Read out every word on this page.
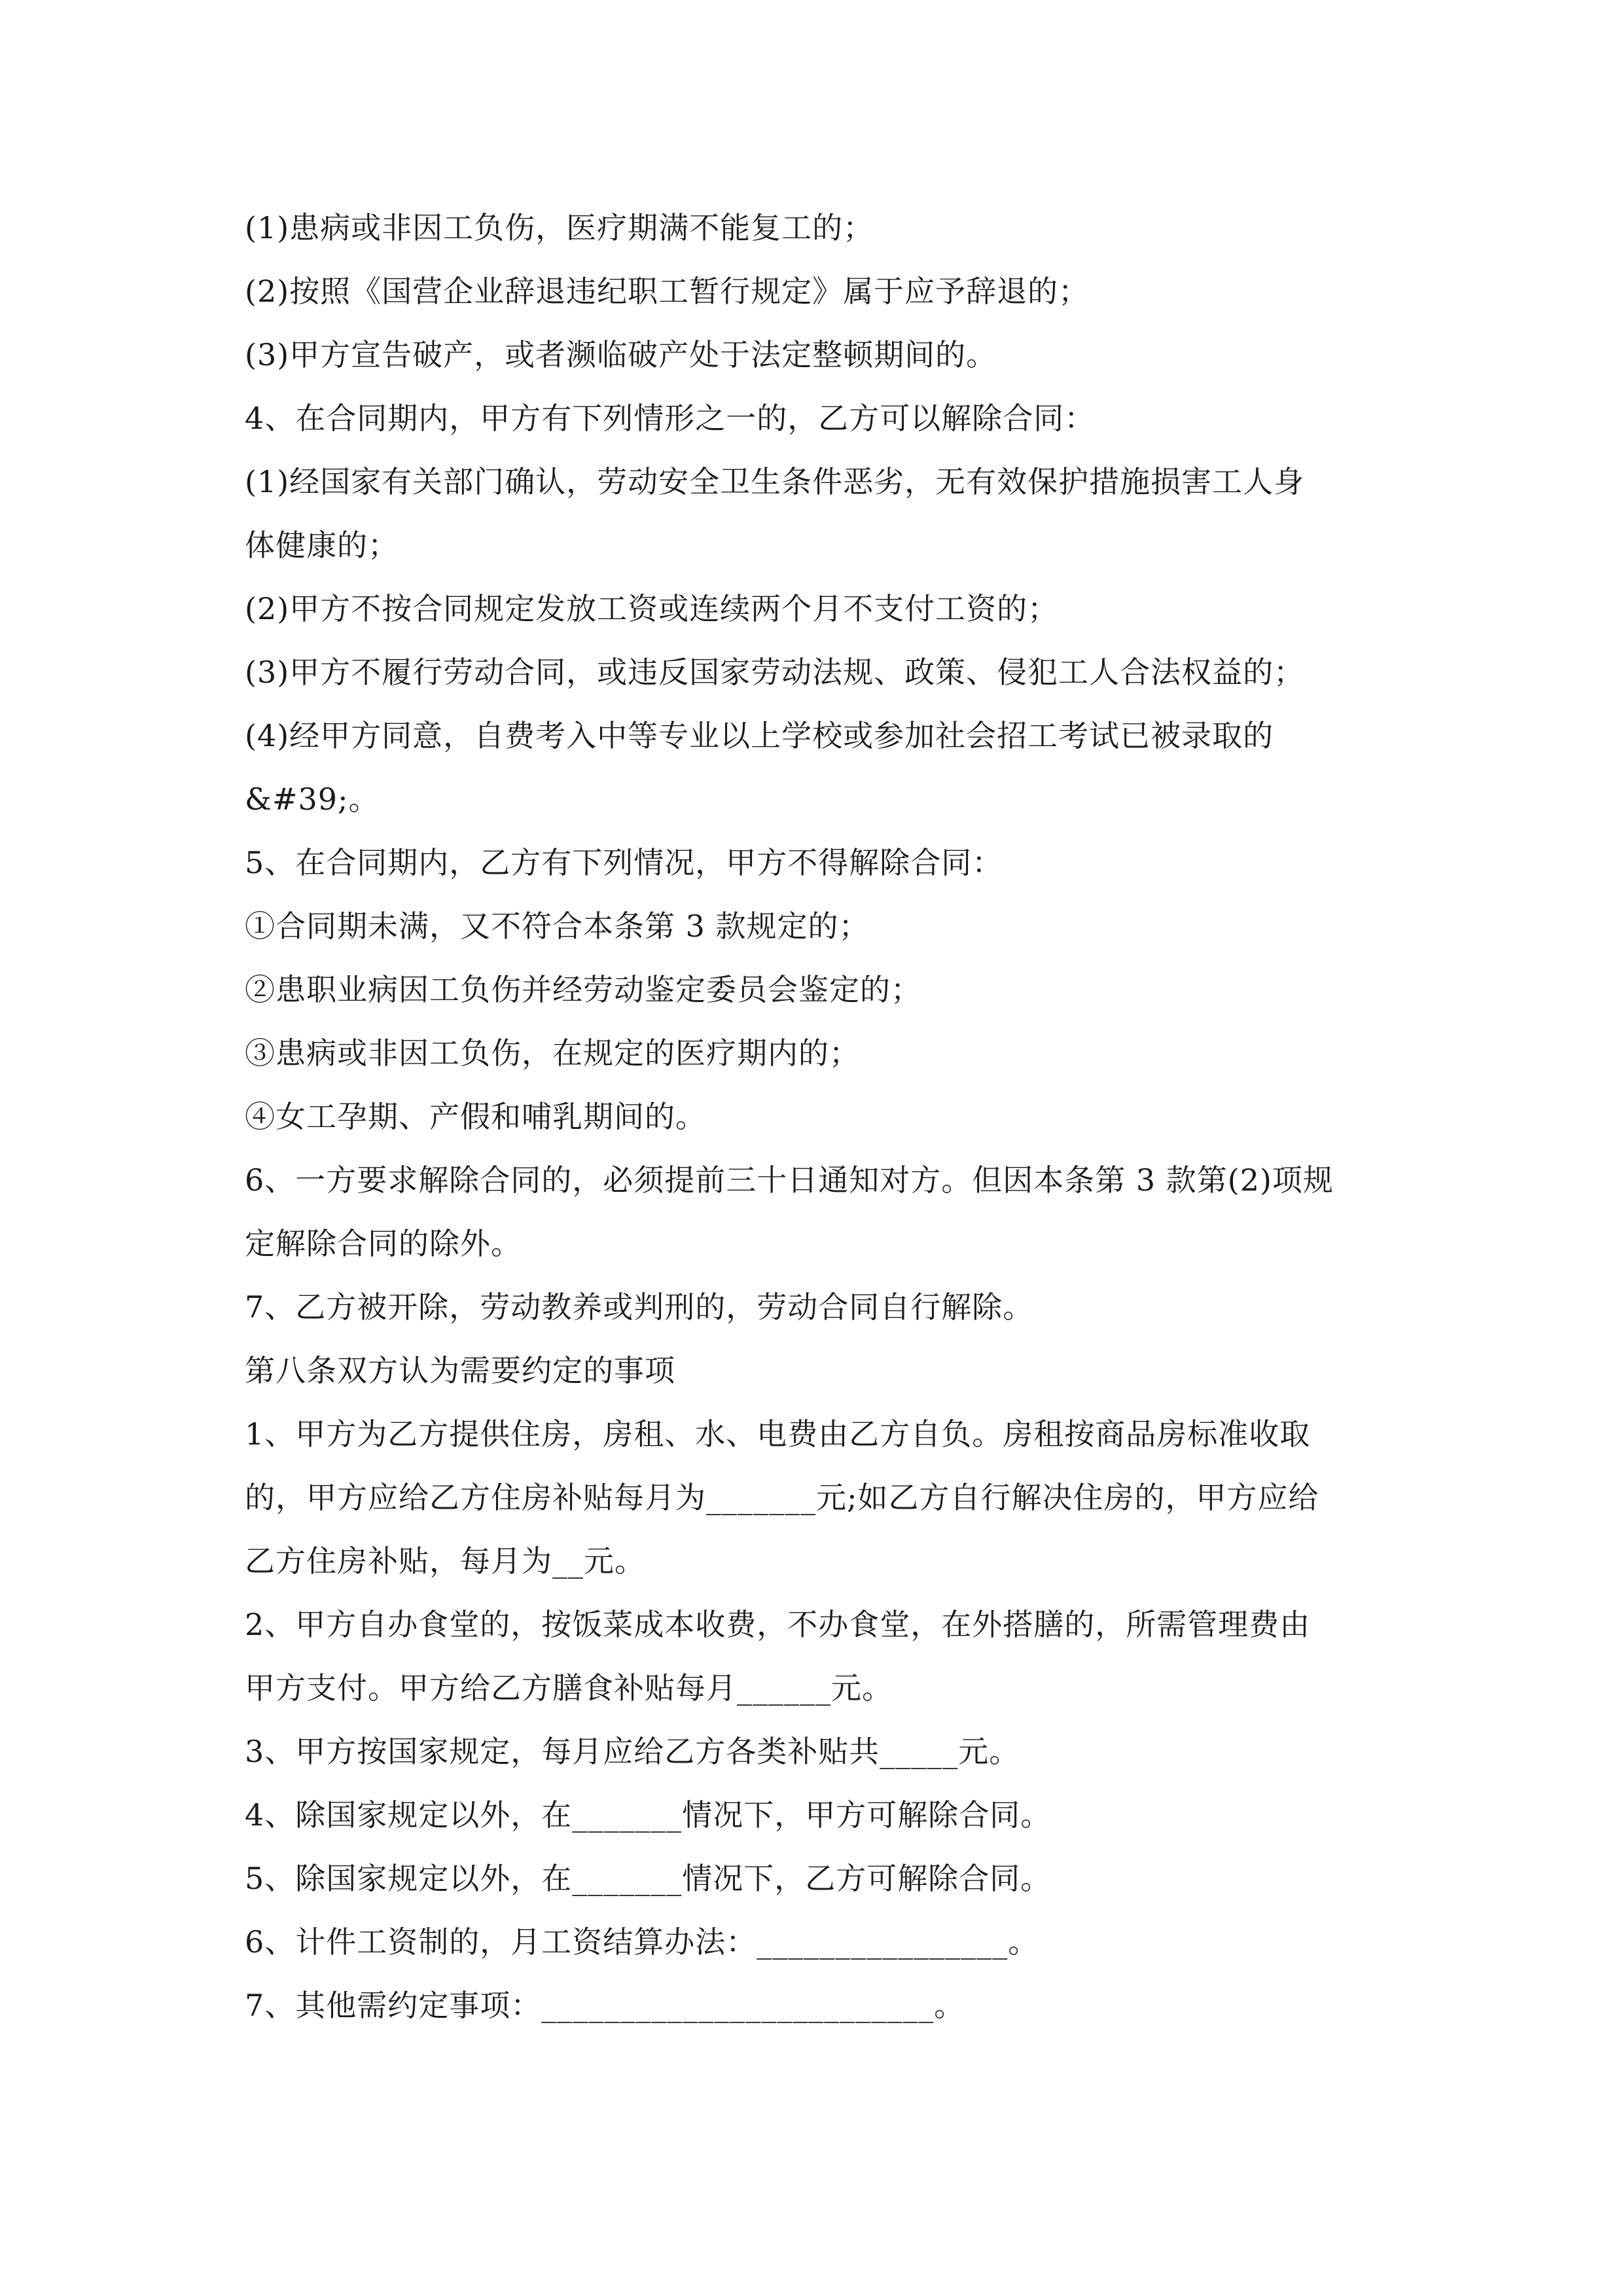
(1)患病或非因工负伤，医疗期满不能复工的；
(2)按照《国营企业辞退违纪职工暂行规定》属于应予辞退的；
(3)甲方宣告破产，或者濒临破产处于法定整顿期间的。
4、在合同期内，甲方有下列情形之一的，乙方可以解除合同：
(1)经国家有关部门确认，劳动安全卫生条件恶劣，无有效保护措施损害工人身
体健康的；
(2)甲方不按合同规定发放工资或连续两个月不支付工资的；
(3)甲方不履行劳动合同，或违反国家劳动法规、政策、侵犯工人合法权益的；
(4)经甲方同意，自费考入中等专业以上学校或参加社会招工考试已被录取的
&#39;。
5、在合同期内，乙方有下列情况，甲方不得解除合同：
①合同期未满，又不符合本条第 3 款规定的；
②患职业病因工负伤并经劳动鉴定委员会鉴定的；
③患病或非因工负伤，在规定的医疗期内的；
④女工孕期、产假和哺乳期间的。
6、一方要求解除合同的，必须提前三十日通知对方。但因本条第 3 款第(2)项规
定解除合同的除外。
7、乙方被开除，劳动教养或判刑的，劳动合同自行解除。
第八条双方认为需要约定的事项
1、甲方为乙方提供住房，房租、水、电费由乙方自负。房租按商品房标准收取
的，甲方应给乙方住房补贴每月为_______元;如乙方自行解决住房的，甲方应给
乙方住房补贴，每月为__元。
2、甲方自办食堂的，按饭菜成本收费，不办食堂，在外搭膳的，所需管理费由
甲方支付。甲方给乙方膳食补贴每月______元。
3、甲方按国家规定，每月应给乙方各类补贴共_____元。
4、除国家规定以外，在_______情况下，甲方可解除合同。
5、除国家规定以外，在_______情况下，乙方可解除合同。
6、计件工资制的，月工资结算办法：________________。
7、其他需约定事项：_________________________。
